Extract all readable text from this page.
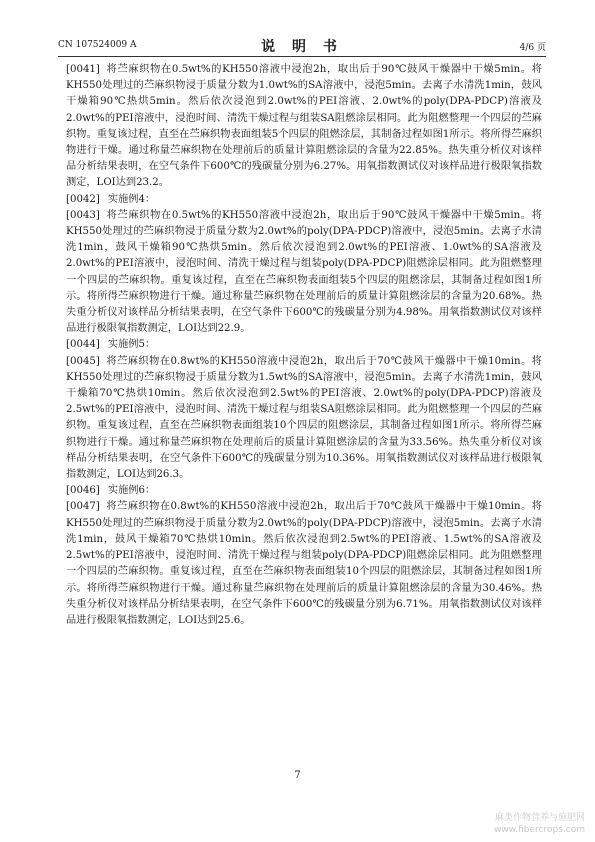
CN 107524009 A	说 明 书	4/6 页

[0041] 将苎麻织物在0.5wt%的KH550溶液中浸泡2h，取出后于90℃鼓风干燥器中干燥5min。将KH550处理过的苎麻织物浸于质量分数为1.0wt%的SA溶液中，浸泡5min。去离子水清洗1min，鼓风干燥箱90℃热烘5min。然后依次浸泡到2.0wt%的PEI溶液、2.0wt%的poly(DPA-PDCP)溶液及2.0wt%的PEI溶液中，浸泡时间、清洗干燥过程与组装SA阻燃涂层相同。此为阻燃整理一个四层的苎麻织物。重复该过程，直至在苎麻织物表面组装5个四层的阻燃涂层，其制备过程如图1所示。将所得苎麻织物进行干燥。通过称量苎麻织物在处理前后的质量计算阻燃涂层的含量为22.85%。热失重分析仪对该样品分析结果表明，在空气条件下600℃的残碳量分别为6.27%。用氧指数测试仪对该样品进行极限氧指数测定，LOI达到23.2。

[0042] 实施例4：

[0043] 将苎麻织物在0.5wt%的KH550溶液中浸泡2h，取出后于90℃鼓风干燥器中干燥5min。将KH550处理过的苎麻织物浸于质量分数为2.0wt%的poly(DPA-PDCP)溶液中，浸泡5min。去离子水清洗1min，鼓风干燥箱90℃热烘5min。然后依次浸泡到2.0wt%的PEI溶液、1.0wt%的SA溶液及2.0wt%的PEI溶液中，浸泡时间、清洗干燥过程与组装poly(DPA-PDCP)阻燃涂层相同。此为阻燃整理一个四层的苎麻织物。重复该过程，直至在苎麻织物表面组装5个四层的阻燃涂层，其制备过程如图1所示。将所得苎麻织物进行干燥。通过称量苎麻织物在处理前后的质量计算阻燃涂层的含量为20.68%。热失重分析仪对该样品分析结果表明，在空气条件下600℃的残碳量分别为4.98%。用氧指数测试仪对该样品进行极限氧指数测定，LOI达到22.9。

[0044] 实施例5：

[0045] 将苎麻织物在0.8wt%的KH550溶液中浸泡2h，取出后于70℃鼓风干燥器中干燥10min。将KH550处理过的苎麻织物浸于质量分数为1.5wt%的SA溶液中，浸泡5min。去离子水清洗1min，鼓风干燥箱70℃热烘10min。然后依次浸泡到2.5wt%的PEI溶液、2.0wt%的poly(DPA-PDCP)溶液及2.5wt%的PEI溶液中，浸泡时间、清洗干燥过程与组装SA阻燃涂层相同。此为阻燃整理一个四层的苎麻织物。重复该过程，直至在苎麻织物表面组装10个四层的阻燃涂层，其制备过程如图1所示。将所得苎麻织物进行干燥。通过称量苎麻织物在处理前后的质量计算阻燃涂层的含量为33.56%。热失重分析仪对该样品分析结果表明，在空气条件下600℃的残碳量分别为10.36%。用氧指数测试仪对该样品进行极限氧指数测定，LOI达到26.3。

[0046] 实施例6：

[0047] 将苎麻织物在0.8wt%的KH550溶液中浸泡2h，取出后于70℃鼓风干燥器中干燥10min。将KH550处理过的苎麻织物浸于质量分数为2.0wt%的poly(DPA-PDCP)溶液中，浸泡5min。去离子水清洗1min，鼓风干燥箱70℃热烘10min。然后依次浸泡到2.5wt%的PEI溶液、1.5wt%的SA溶液及2.5wt%的PEI溶液中，浸泡时间、清洗干燥过程与组装poly(DPA-PDCP)阻燃涂层相同。此为阻燃整理一个四层的苎麻织物。重复该过程，直至在苎麻织物表面组装10个四层的阻燃涂层，其制备过程如图1所示。将所得苎麻织物进行干燥。通过称量苎麻织物在处理前后的质量计算阻燃涂层的含量为30.46%。热失重分析仪对该样品分析结果表明，在空气条件下600℃的残碳量分别为6.71%。用氧指数测试仪对该样品进行极限氧指数测定，LOI达到25.6。

7
麻类作物营养与施肥网
www.fibercrops.com
